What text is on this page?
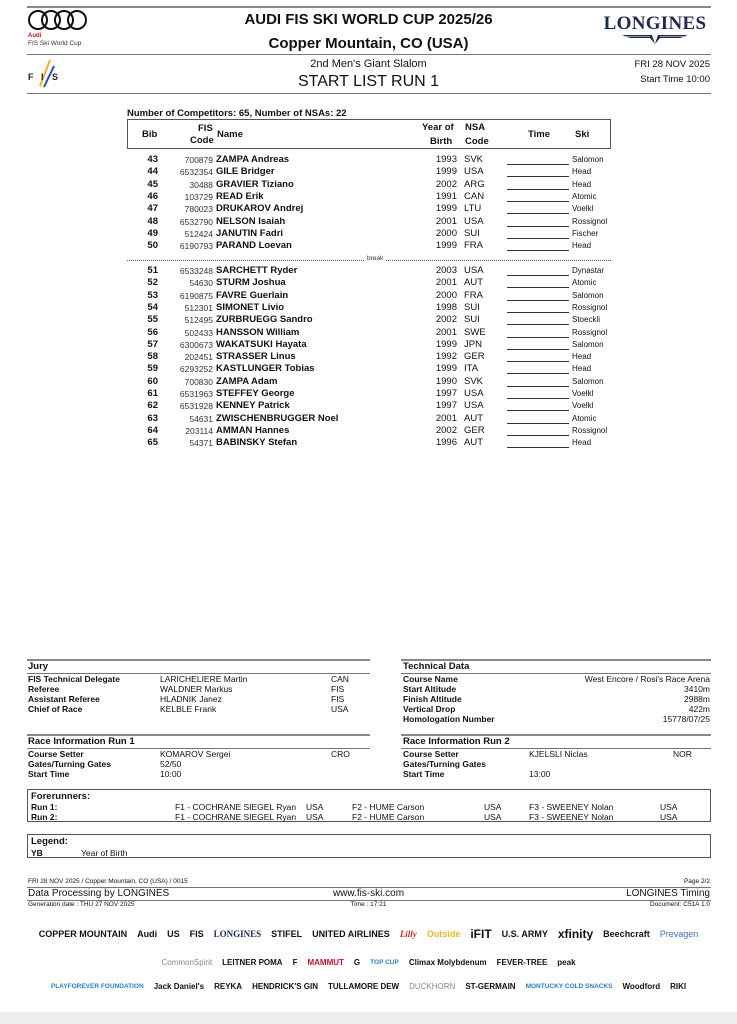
Audi
FIS Ski World Cup
AUDI FIS SKI WORLD CUP 2025/26
Copper Mountain, CO (USA)
LONGINES
F I S
2nd Men's Giant Slalom
START LIST RUN 1
FRI 28 NOV 2025
Start Time 10:00
Number of Competitors: 65, Number of NSAs: 22
Bib
FIS
Code
Name
Year of
Birth
NSA
Code
Time	Ski
43	700879 ZAMPA Andreas	1993 SVK	Salomon
44	6532354 GILE Bridger	1999 USA	Head
45	30488 GRAVIER Tiziano	2002 ARG	Head
46	103729 READ Erik	1991 CAN	Atomic
47	780023 DRUKAROV Andrej	1999 LTU	Voelkl
48	6532790 NELSON Isaiah	2001 USA	Rossignol
49	512424 JANUTIN Fadri	2000 SUI	Fischer
50	6190793 PARAND Loevan	1999 FRA	Head
break
51	6533248 SARCHETT Ryder	2003 USA	Dynastar
52	54630 STURM Joshua	2001 AUT	Atomic
53	6190875 FAVRE Guerlain	2000 FRA	Salomon
54	512301 SIMONET Livio	1998 SUI	Rossignol
55	512495 ZURBRUEGG Sandro	2002 SUI	Stoeckli
56	502433 HANSSON William	2001 SWE	Rossignol
57	6300673 WAKATSUKI Hayata	1999 JPN	Salomon
58	202451 STRASSER Linus	1992 GER	Head
59	6293252 KASTLUNGER Tobias	1999 ITA	Head
60	700830 ZAMPA Adam	1990 SVK	Salomon
61	6531963 STEFFEY George	1997 USA	Voelkl
62	6531928 KENNEY Patrick	1997 USA	Voelkl
63	54631 ZWISCHENBRUGGER Noel	2001 AUT	Atomic
64	203114 AMMAN Hannes	2002 GER	Rossignol
65	54371 BABINSKY Stefan	1996 AUT	Head
Jury
FIS Technical Delegate	LARICHELIERE Martin	CAN
Referee	WALDNER Markus	FIS
Assistant Referee	HLADNIK Janez	FIS
Chief of Race	KELBLE Frank	USA
Technical Data
Course Name	West Encore / Rosi's Race Arena
Start Altitude	3410m
Finish Altitude	2988m
Vertical Drop	422m
Homologation Number	15778/07/25
Race Information Run 1
Course Setter	KOMAROV Sergei	CRO
Gates/Turning Gates	52/50
Start Time	10:00
Race Information Run 2
Course Setter	KJELSLI Niclas	NOR
Gates/Turning Gates
Start Time	13:00
Forerunners:
Run 1:	F1 - COCHRANE SIEGEL Ryan USA	F2 - HUME Carson	USA	F3 - SWEENEY Nolan	USA
Run 2:	F1 - COCHRANE SIEGEL Ryan USA	F2 - HUME Carson	USA	F3 - SWEENEY Nolan	USA
Legend:
YB	Year of Birth
FRI 28 NOV 2025 / Copper Mountain, CO (USA) / 0015	Page 2/2
Data Processing by LONGINES	www.fis-ski.com	LONGINES Timing
Generation date : THU 27 NOV 2025	Time : 17:21	Document: C51A 1.0
COPPER MOUNTAIN Audi US FIS LONGINES STIFEL UNITED AIRLINES Lilly Outside iFIT U.S. ARMY xfinity Beechcraft Prevagen
CommonSpirit LEITNER POMA F MAMMUT G TOP CUP Climax Molybdenum FEVER-TREE peak
PLAYFOREVER FOUNDATION Jack Daniel's REYKA HENDRICK'S GIN TULLAMORE DEW DUCKHORN ST-GERMAIN MONTUCKY COLD SNACKS Woodford RIKI
